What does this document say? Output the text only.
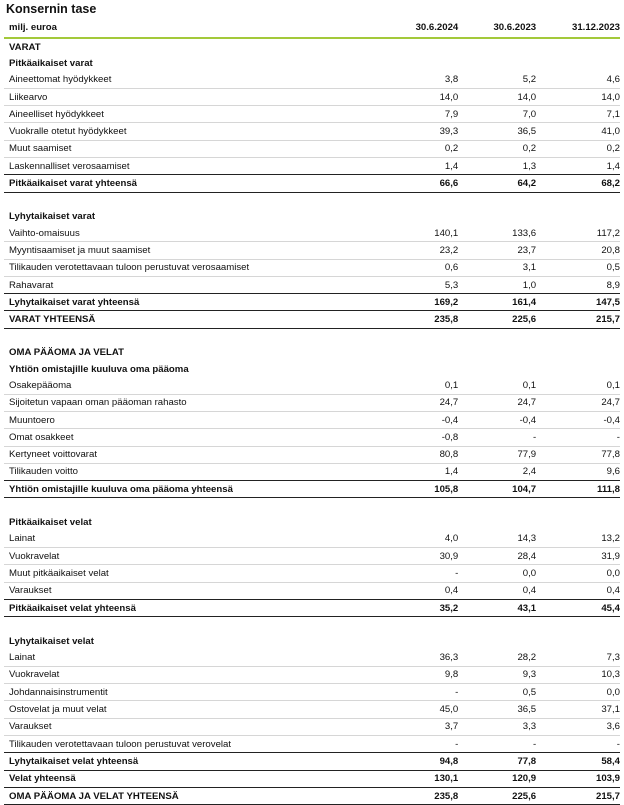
Konsernin tase
milj. euroa	30.6.2024	30.6.2023	31.12.2023
VARAT
Pitkäaikaiset varat
Aineettomat hyödykkeet	3,8	5,2	4,6
Liikearvo	14,0	14,0	14,0
Aineelliset hyödykkeet	7,9	7,0	7,1
Vuokralle otetut hyödykkeet	39,3	36,5	41,0
Muut saamiset	0,2	0,2	0,2
Laskennalliset verosaamiset	1,4	1,3	1,4
Pitkäaikaiset varat yhteensä	66,6	64,2	68,2
Lyhytaikaiset varat
Vaihto-omaisuus	140,1	133,6	117,2
Myyntisaamiset ja muut saamiset	23,2	23,7	20,8
Tilikauden verotettavaan tuloon perustuvat verosaamiset	0,6	3,1	0,5
Rahavarat	5,3	1,0	8,9
Lyhytaikaiset varat yhteensä	169,2	161,4	147,5
VARAT YHTEENSÄ	235,8	225,6	215,7
OMA PÄÄOMA JA VELAT
Yhtiön omistajille kuuluva oma pääoma
Osakepääoma	0,1	0,1	0,1
Sijoitetun vapaan oman pääoman rahasto	24,7	24,7	24,7
Muuntoero	-0,4	-0,4	-0,4
Omat osakkeet	-0,8	-	-
Kertyneet voittovarat	80,8	77,9	77,8
Tilikauden voitto	1,4	2,4	9,6
Yhtiön omistajille kuuluva oma pääoma yhteensä	105,8	104,7	111,8
Pitkäaikaiset velat
Lainat	4,0	14,3	13,2
Vuokravelat	30,9	28,4	31,9
Muut pitkäaikaiset velat	-	0,0	0,0
Varaukset	0,4	0,4	0,4
Pitkäaikaiset velat yhteensä	35,2	43,1	45,4
Lyhytaikaiset velat
Lainat	36,3	28,2	7,3
Vuokravelat	9,8	9,3	10,3
Johdannaisinstrumentit	-	0,5	0,0
Ostovelat ja muut velat	45,0	36,5	37,1
Varaukset	3,7	3,3	3,6
Tilikauden verotettavaan tuloon perustuvat verovelat	-	-	-
Lyhytaikaiset velat yhteensä	94,8	77,8	58,4
Velat yhteensä	130,1	120,9	103,9
OMA PÄÄOMA JA VELAT YHTEENSÄ	235,8	225,6	215,7
